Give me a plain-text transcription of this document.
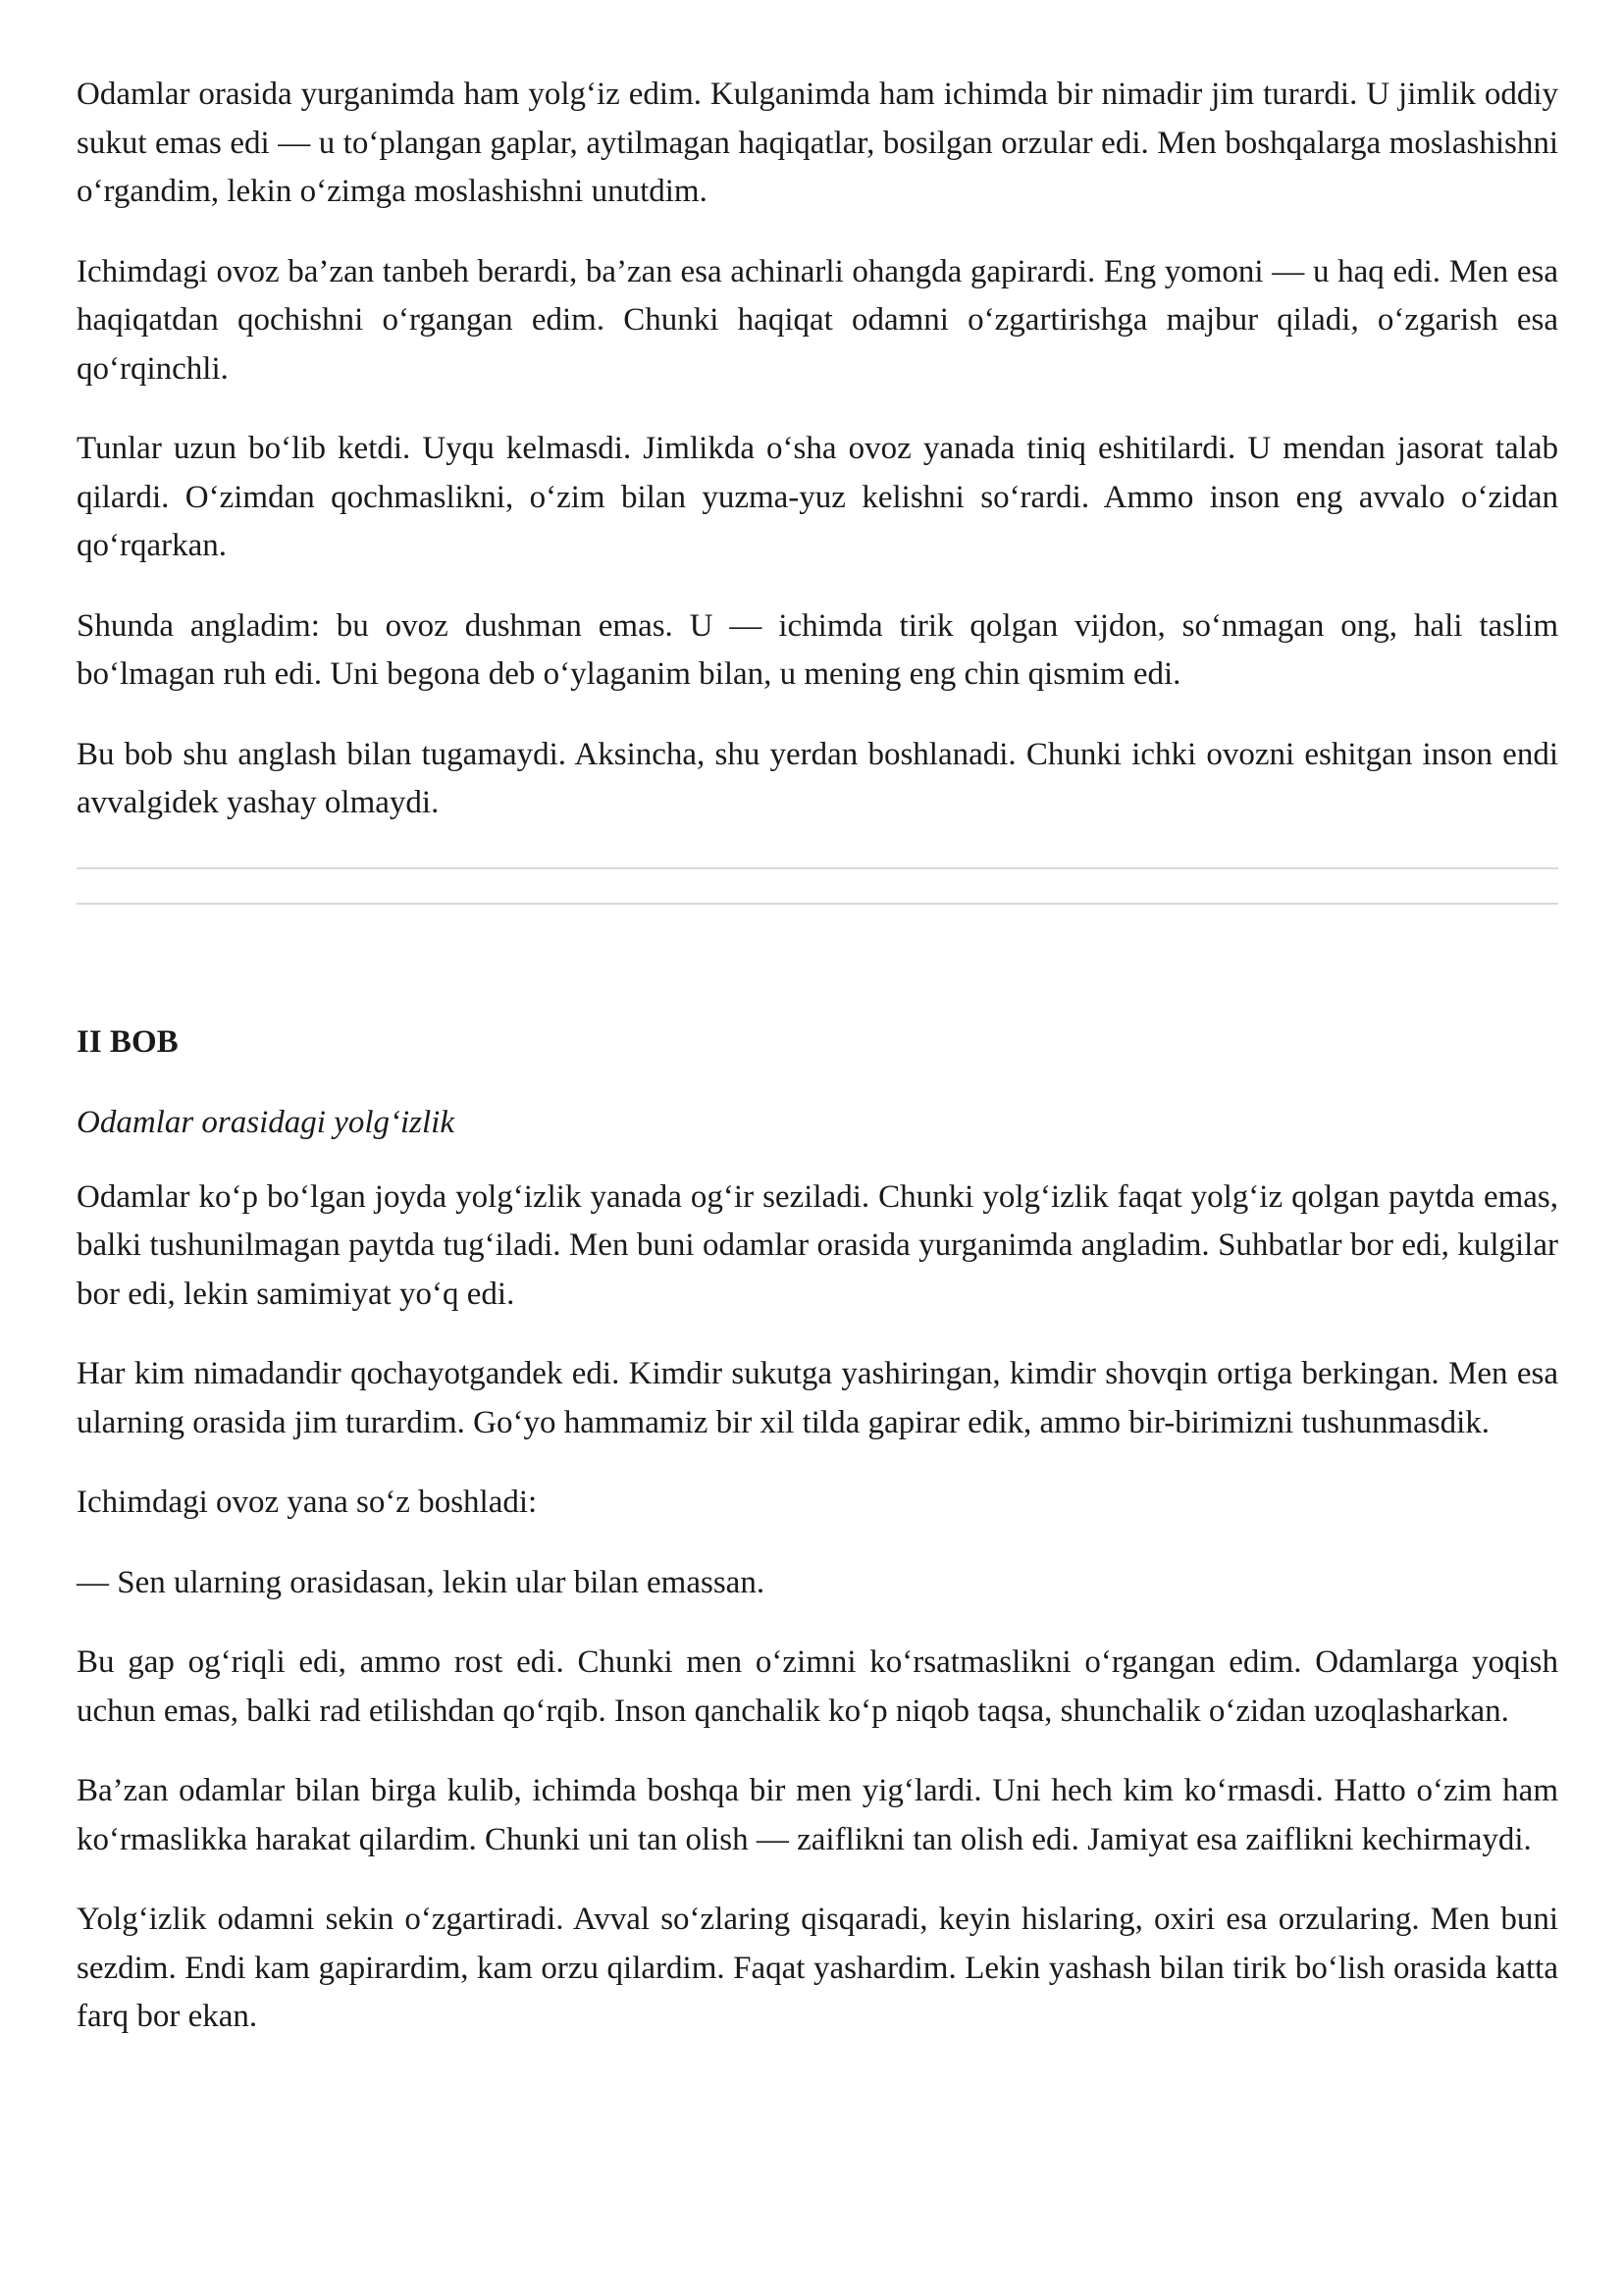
Odamlar orasida yurganimda ham yolg‘iz edim. Kulganimda ham ichimda bir nimadir jim turardi. U jimlik oddiy sukut emas edi — u to‘plangan gaplar, aytilmagan haqiqatlar, bosilgan orzular edi. Men boshqalarga moslashishni o‘rgandim, lekin o‘zimga moslashishni unutdim.

Ichimdagi ovoz ba’zan tanbeh berardi, ba’zan esa achinarli ohangda gapirardi. Eng yomoni — u haq edi. Men esa haqiqatdan qochishni o‘rgangan edim. Chunki haqiqat odamni o‘zgartirishga majbur qiladi, o‘zgarish esa qo‘rqinchli.

Tunlar uzun bo‘lib ketdi. Uyqu kelmasdi. Jimlikda o‘sha ovoz yanada tiniq eshitilardi. U mendan jasorat talab qilardi. O‘zimdan qochmaslikni, o‘zim bilan yuzma-yuz kelishni so‘rardi. Ammo inson eng avvalo o‘zidan qo‘rqarkan.

Shunda angladim: bu ovoz dushman emas. U — ichimda tirik qolgan vijdon, so‘nmagan ong, hali taslim bo‘lmagan ruh edi. Uni begona deb o‘ylaganim bilan, u mening eng chin qismim edi.

Bu bob shu anglash bilan tugamaydi. Aksincha, shu yerdan boshlanadi. Chunki ichki ovozni eshitgan inson endi avvalgidek yashay olmaydi.

II BOB

Odamlar orasidagi yolg‘izlik

Odamlar ko‘p bo‘lgan joyda yolg‘izlik yanada og‘ir seziladi. Chunki yolg‘izlik faqat yolg‘iz qolgan paytda emas, balki tushunilmagan paytda tug‘iladi. Men buni odamlar orasida yurganimda angladim. Suhbatlar bor edi, kulgilar bor edi, lekin samimiyat yo‘q edi.

Har kim nimadandir qochayotgandek edi. Kimdir sukutga yashiringan, kimdir shovqin ortiga berkingan. Men esa ularning orasida jim turardim. Go‘yo hammamiz bir xil tilda gapirar edik, ammo bir-birimizni tushunmasdik.

Ichimdagi ovoz yana so‘z boshladi:

— Sen ularning orasidasan, lekin ular bilan emassan.

Bu gap og‘riqli edi, ammo rost edi. Chunki men o‘zimni ko‘rsatmaslikni o‘rgangan edim. Odamlarga yoqish uchun emas, balki rad etilishdan qo‘rqib. Inson qanchalik ko‘p niqob taqsa, shunchalik o‘zidan uzoqlasharkan.

Ba’zan odamlar bilan birga kulib, ichimda boshqa bir men yig‘lardi. Uni hech kim ko‘rmasdi. Hatto o‘zim ham ko‘rmaslikka harakat qilardim. Chunki uni tan olish — zaiflikni tan olish edi. Jamiyat esa zaiflikni kechirmaydi.

Yolg‘izlik odamni sekin o‘zgartiradi. Avval so‘zlaring qisqaradi, keyin hislaring, oxiri esa orzularing. Men buni sezdim. Endi kam gapirardim, kam orzu qilardim. Faqat yashardim. Lekin yashash bilan tirik bo‘lish orasida katta farq bor ekan.
